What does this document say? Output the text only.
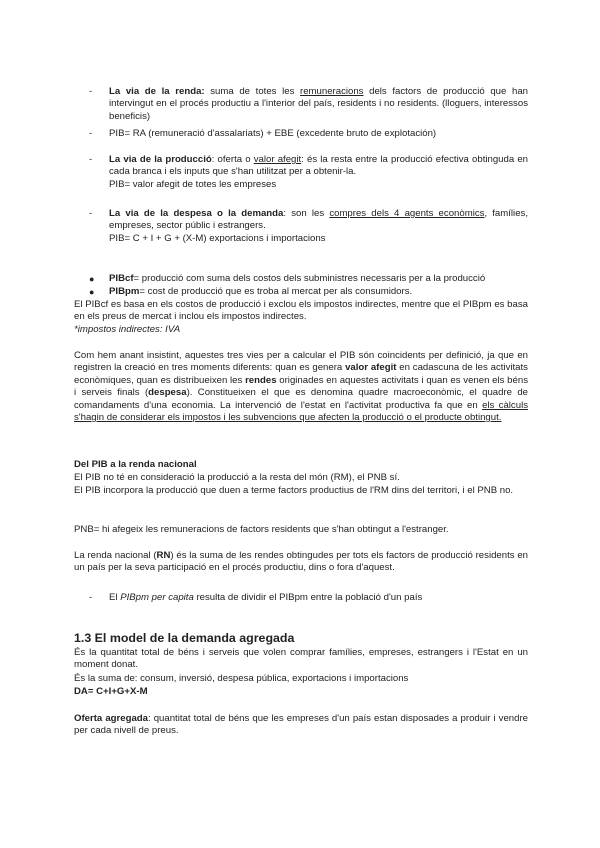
-	La via de la renda: suma de totes les remuneracions dels factors de producció que han intervingut en el procés productiu a l'interior del país, residents i no residents. (lloguers, interessos beneficis)
-	PIB= RA (remuneració d'assalariats) + EBE (excedente bruto de explotación)
-	La via de la producció: oferta o valor afegit: és la resta entre la producció efectiva obtinguda en cada branca i els inputs que s'han utilitzat per a obtenir-la.
PIB= valor afegit de totes les empreses
-	La via de la despesa o la demanda: son les compres dels 4 agents econòmics, famílies, empreses, sector públic i estrangers.
PIB= C + I + G + (X-M) exportacions i importacions
●	PIBcf= producció com suma dels costos dels subministres necessaris per a la producció
●	PIBpm= cost de producció que es troba al mercat per als consumidors.
El PIBcf es basa en els costos de producció i exclou els impostos indirectes, mentre que el PIBpm es basa en els preus de mercat i inclou els impostos indirectes.
*impostos indirectes: IVA
Com hem anant insistint, aquestes tres vies per a calcular el PIB són coincidents per definició, ja que en registren la creació en tres moments diferents: quan es genera valor afegit en cadascuna de les activitats econòmiques, quan es distribueixen les rendes originades en aquestes activitats i quan es venen els béns i serveis finals (despesa). Constitueixen el que es denomina quadre macroeconòmic, el quadre de comandaments d'una economia. La intervenció de l'estat en l'activitat productiva fa que en els càlculs s'hagin de considerar els impostos i les subvencions que afecten la producció o el producte obtingut.
Del PIB a la renda nacional
El PIB no té en consideració la producció a la resta del món (RM), el PNB sí.
El PIB incorpora la producció que duen a terme factors productius de l'RM dins del territori, i el PNB no.
PNB= hi afegeix les remuneracions de factors residents que s'han obtingut a l'estranger.
La renda nacional (RN) és la suma de les rendes obtingudes per tots els factors de producció residents en un país per la seva participació en el procés productiu, dins o fora d'aquest.
-	El PIBpm per capita resulta de dividir el PIBpm entre la població d'un país
1.3 El model de la demanda agregada
És la quantitat total de béns i serveis que volen comprar famílies, empreses, estrangers i l'Estat en un moment donat.
És la suma de: consum, inversió, despesa pública, exportacions i importacions
DA= C+I+G+X-M
Oferta agregada: quantitat total de béns que les empreses d'un país estan disposades a produir i vendre per cada nivell de preus.
